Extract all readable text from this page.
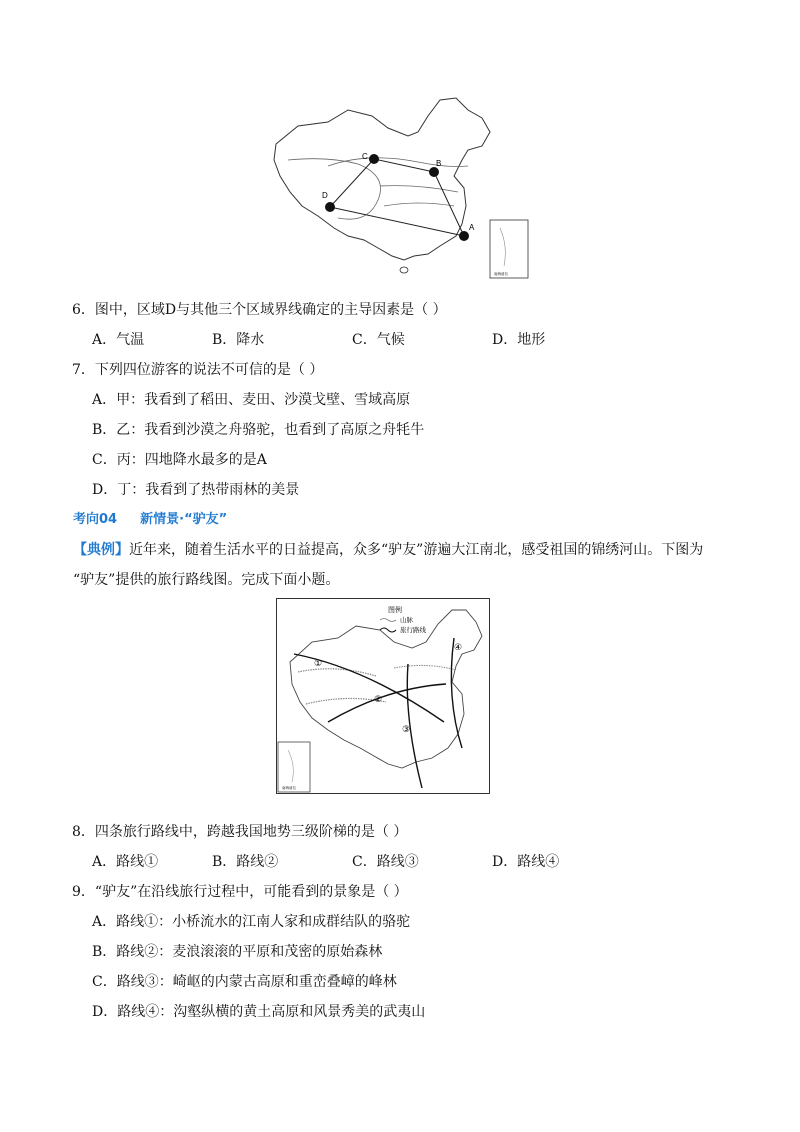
C
B
D
A
南海诸岛
6．图中，区域D与其他三个区域界线确定的主导因素是（ ）
A．气温	B．降水	C．气候	D．地形
7．下列四位游客的说法不可信的是（ ）
A．甲：我看到了稻田、麦田、沙漠戈壁、雪域高原
B．乙：我看到沙漠之舟骆驼，也看到了高原之舟牦牛
C．丙：四地降水最多的是A
D．丁：我看到了热带雨林的美景
考向04 新情景·“驴友”
【典例】近年来，随着生活水平的日益提高，众多“驴友”游遍大江南北，感受祖国的锦绣河山。下图为
“驴友”提供的旅行路线图。完成下面小题。
图例
山脉
旅行路线
①
②
③
④
南海诸岛
8．四条旅行路线中，跨越我国地势三级阶梯的是（ ）
A．路线①	B．路线②	C．路线③	D．路线④
9．“驴友”在沿线旅行过程中，可能看到的景象是（ ）
A．路线①：小桥流水的江南人家和成群结队的骆驼
B．路线②：麦浪滚滚的平原和茂密的原始森林
C．路线③：崎岖的内蒙古高原和重峦叠嶂的峰林
D．路线④：沟壑纵横的黄土高原和风景秀美的武夷山
